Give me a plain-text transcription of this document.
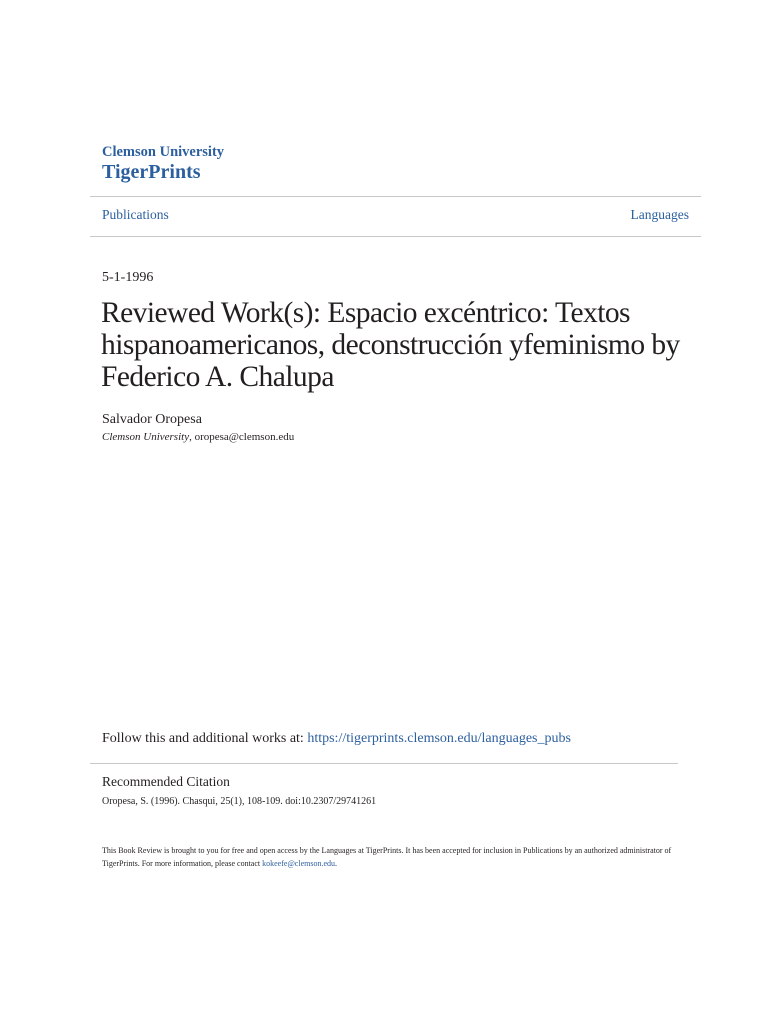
Clemson University
TigerPrints
Publications	Languages
5-1-1996
Reviewed Work(s): Espacio excéntrico: Textos hispanoamericanos, deconstrucción yfeminismo by Federico A. Chalupa
Salvador Oropesa
Clemson University, oropesa@clemson.edu
Follow this and additional works at: https://tigerprints.clemson.edu/languages_pubs
Recommended Citation
Oropesa, S. (1996). Chasqui, 25(1), 108-109. doi:10.2307/29741261
This Book Review is brought to you for free and open access by the Languages at TigerPrints. It has been accepted for inclusion in Publications by an authorized administrator of TigerPrints. For more information, please contact kokeefe@clemson.edu.
